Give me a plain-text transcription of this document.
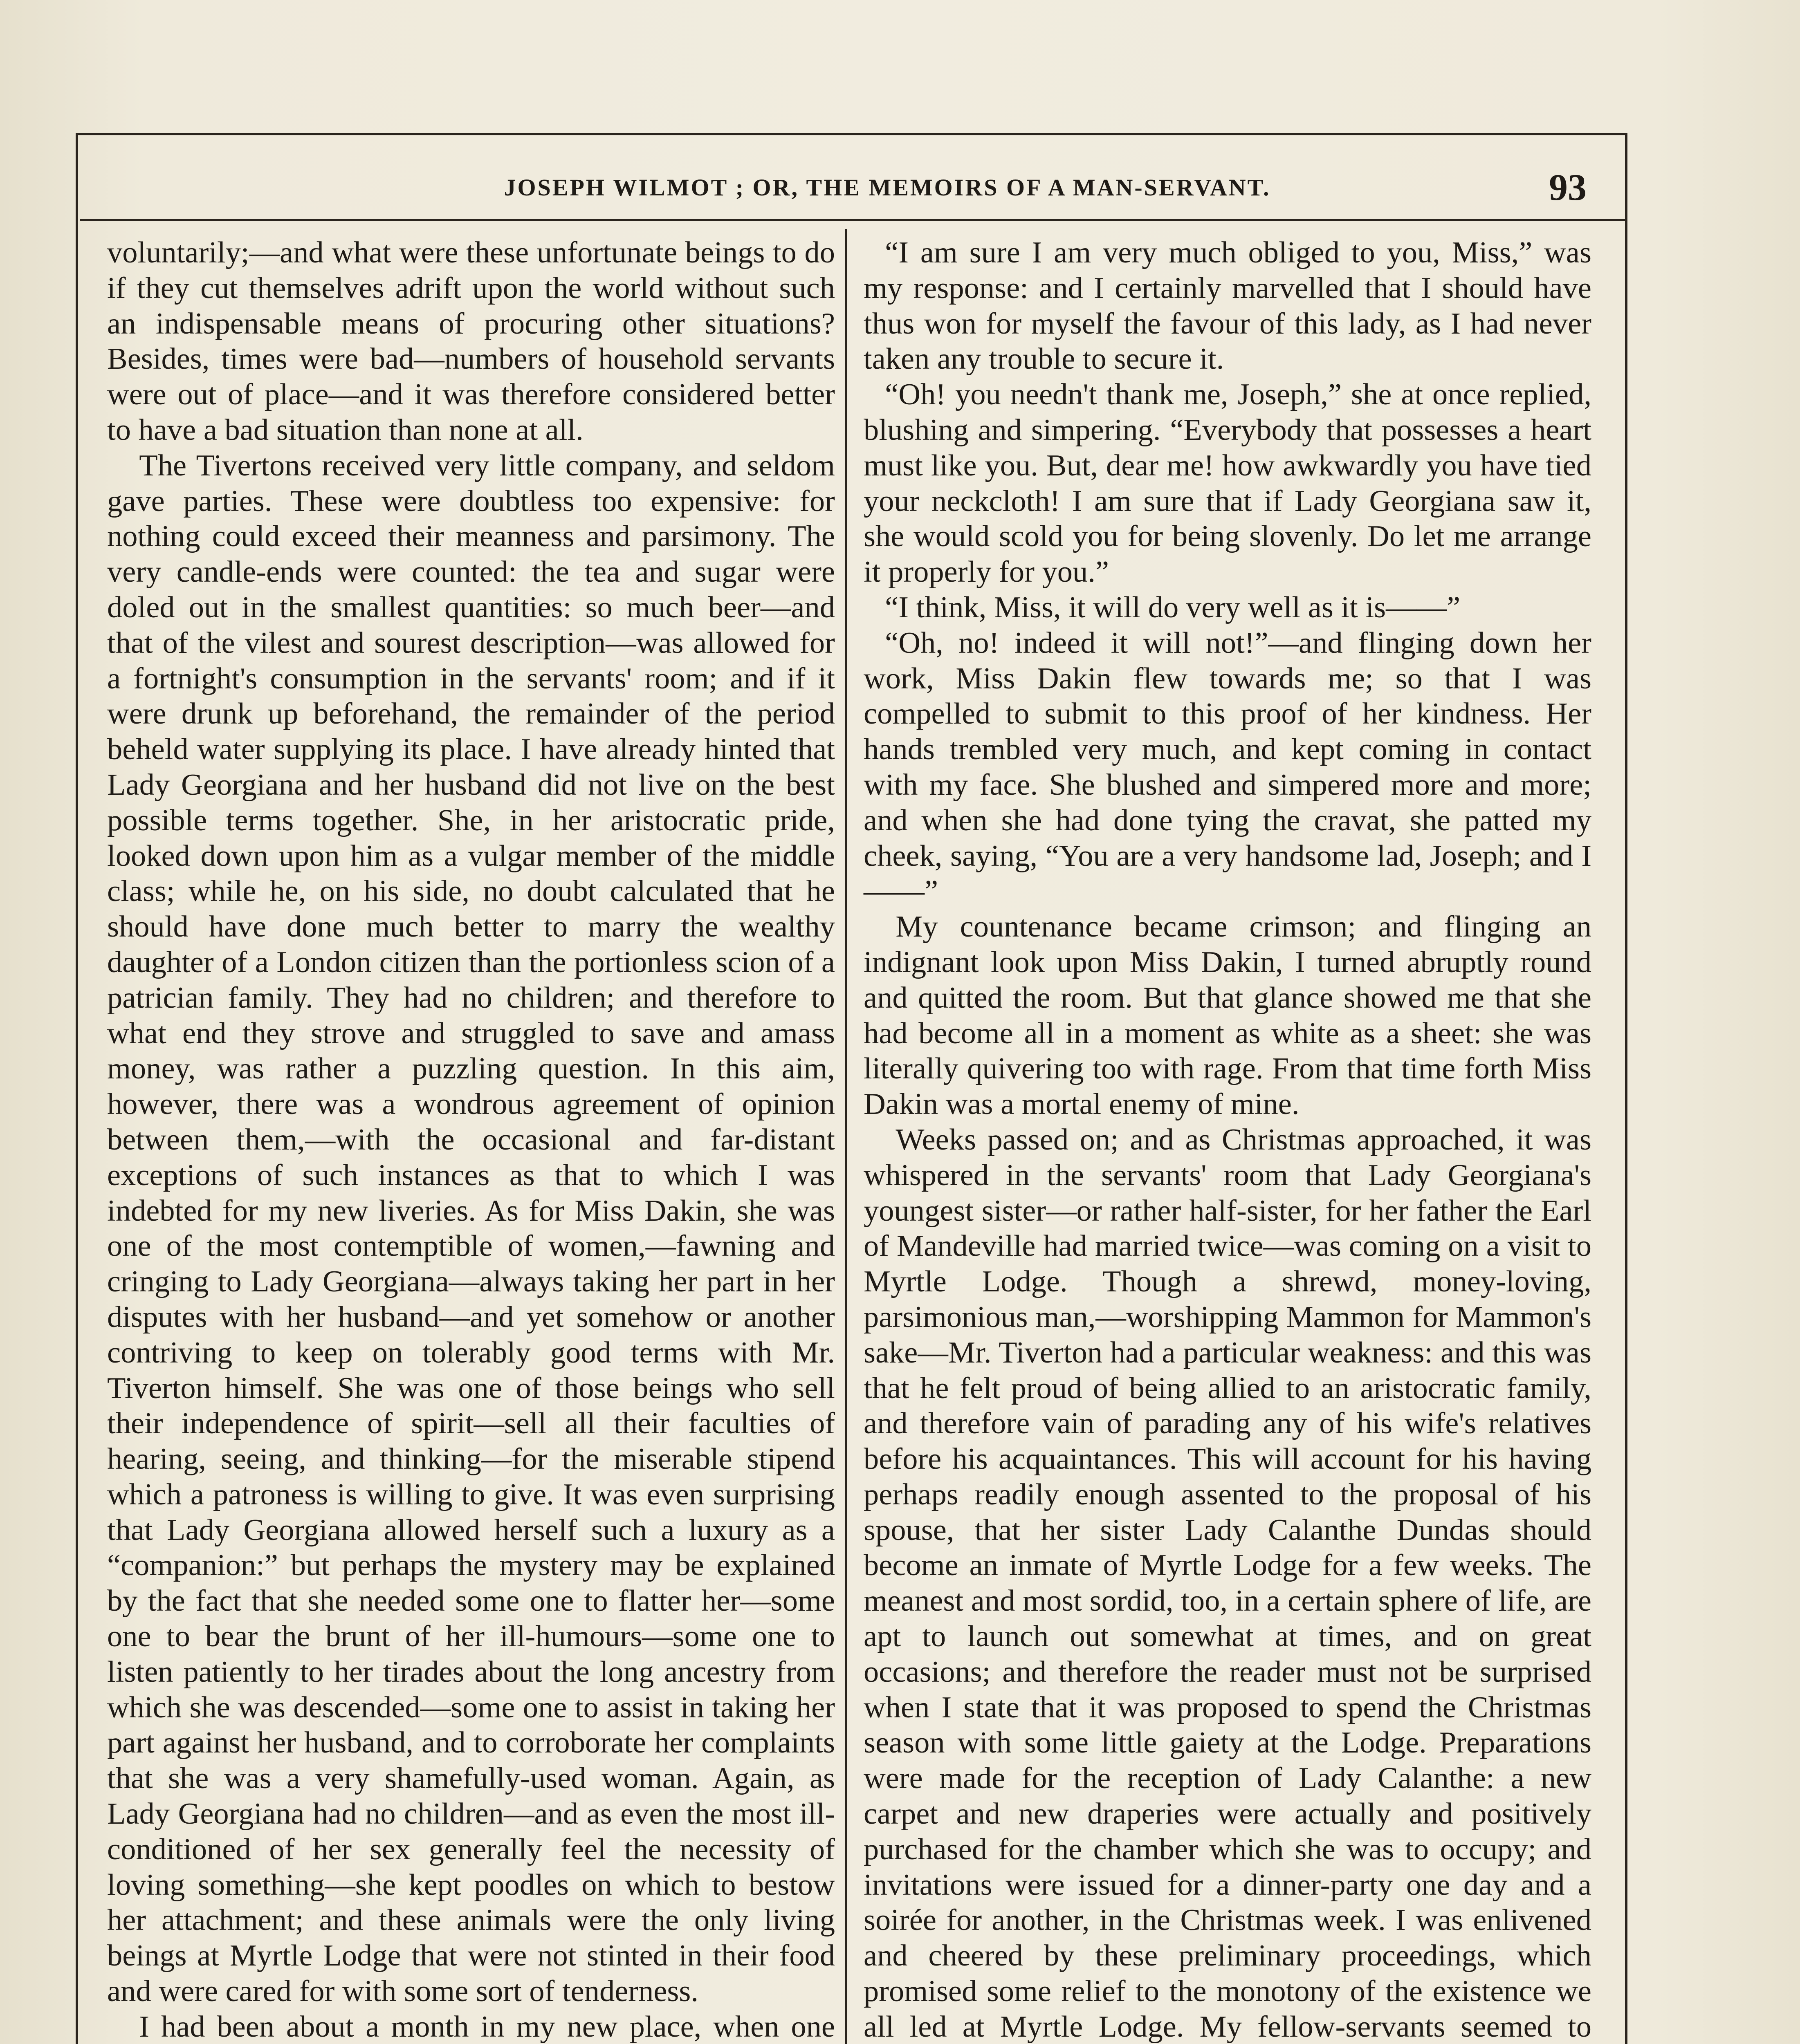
JOSEPH WILMOT ; OR, THE MEMOIRS OF A MAN-SERVANT.	93

voluntarily;—and what were these unfortunate beings to do if they cut themselves adrift upon the world without such an indispensable means of procuring other situations? Besides, times were bad—numbers of household servants were out of place—and it was therefore considered better to have a bad situation than none at all.

The Tivertons received very little company, and seldom gave parties. These were doubtless too expensive: for nothing could exceed their meanness and parsimony. The very candle-ends were counted: the tea and sugar were doled out in the smallest quantities: so much beer—and that of the vilest and sourest description—was allowed for a fortnight's consumption in the servants' room; and if it were drunk up beforehand, the remainder of the period beheld water supplying its place. I have already hinted that Lady Georgiana and her husband did not live on the best possible terms together. She, in her aristocratic pride, looked down upon him as a vulgar member of the middle class; while he, on his side, no doubt calculated that he should have done much better to marry the wealthy daughter of a London citizen than the portionless scion of a patrician family. They had no children; and therefore to what end they strove and struggled to save and amass money, was rather a puzzling question. In this aim, however, there was a wondrous agreement of opinion between them,—with the occasional and far-distant exceptions of such instances as that to which I was indebted for my new liveries. As for Miss Dakin, she was one of the most contemptible of women,—fawning and cringing to Lady Georgiana—always taking her part in her disputes with her husband—and yet somehow or another contriving to keep on tolerably good terms with Mr. Tiverton himself. She was one of those beings who sell their independence of spirit—sell all their faculties of hearing, seeing, and thinking—for the miserable stipend which a patroness is willing to give. It was even surprising that Lady Georgiana allowed herself such a luxury as a “companion:” but perhaps the mystery may be explained by the fact that she needed some one to flatter her—some one to bear the brunt of her ill-humours—some one to listen patiently to her tirades about the long ancestry from which she was descended—some one to assist in taking her part against her husband, and to corroborate her complaints that she was a very shamefully-used woman. Again, as Lady Georgiana had no children—and as even the most ill-conditioned of her sex generally feel the necessity of loving something—she kept poodles on which to bestow her attachment; and these animals were the only living beings at Myrtle Lodge that were not stinted in their food and were cared for with some sort of tenderness.

I had been about a month in my new place, when one

“I am sure I am very much obliged to you, Miss,” was my response: and I certainly marvelled that I should have thus won for myself the favour of this lady, as I had never taken any trouble to secure it.

“Oh! you needn't thank me, Joseph,” she at once replied, blushing and simpering. “Everybody that possesses a heart must like you. But, dear me! how awkwardly you have tied your neckcloth! I am sure that if Lady Georgiana saw it, she would scold you for being slovenly. Do let me arrange it properly for you.”

“I think, Miss, it will do very well as it is——”

“Oh, no! indeed it will not!”—and flinging down her work, Miss Dakin flew towards me; so that I was compelled to submit to this proof of her kindness. Her hands trembled very much, and kept coming in contact with my face. She blushed and simpered more and more; and when she had done tying the cravat, she patted my cheek, saying, “You are a very handsome lad, Joseph; and I——”

My countenance became crimson; and flinging an indignant look upon Miss Dakin, I turned abruptly round and quitted the room. But that glance showed me that she had become all in a moment as white as a sheet: she was literally quivering too with rage. From that time forth Miss Dakin was a mortal enemy of mine.

Weeks passed on; and as Christmas approached, it was whispered in the servants' room that Lady Georgiana's youngest sister—or rather half-sister, for her father the Earl of Mandeville had married twice—was coming on a visit to Myrtle Lodge. Though a shrewd, money-loving, parsimonious man,—worshipping Mammon for Mammon's sake—Mr. Tiverton had a particular weakness: and this was that he felt proud of being allied to an aristocratic family, and therefore vain of parading any of his wife's relatives before his acquaintances. This will account for his having perhaps readily enough assented to the proposal of his spouse, that her sister Lady Calanthe Dundas should become an inmate of Myrtle Lodge for a few weeks. The meanest and most sordid, too, in a certain sphere of life, are apt to launch out somewhat at times, and on great occasions; and therefore the reader must not be surprised when I state that it was proposed to spend the Christmas season with some little gaiety at the Lodge. Preparations were made for the reception of Lady Calanthe: a new carpet and new draperies were actually and positively purchased for the chamber which she was to occupy; and invitations were issued for a dinner-party one day and a soirée for another, in the Christmas week. I was enlivened and cheered by these preliminary proceedings, which promised some relief to the monotony of the existence we all led at Myrtle Lodge. My fellow-servants seemed to
